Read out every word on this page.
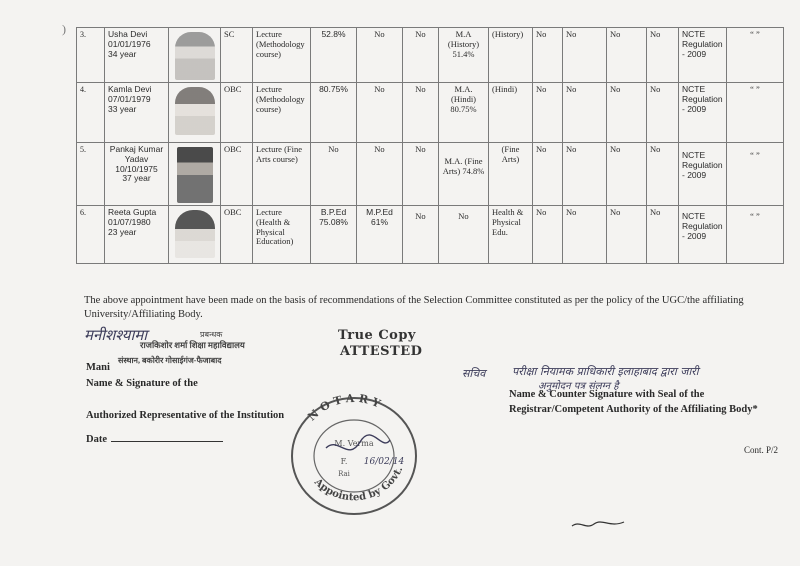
) 3.	Usha Devi
01/01/1976
34 year		SC	Lecture (Methodology course)	52.8%	No	No	M.A (History) 51.4%	(History)	No	No	No	No	NCTE Regulation - 2009	“ ”
4.	Kamla Devi
07/01/1979
33 year		OBC	Lecture (Methodology course)	80.75%	No	No	M.A. (Hindi) 80.75%	(Hindi)	No	No	No	No	NCTE Regulation - 2009	“ ”
5.	Pankaj Kumar Yadav
10/10/1975
37 year		OBC	Lecture (Fine Arts course)	No	No	No	M.A. (Fine Arts) 74.8%	(Fine Arts)	No	No	No	No	NCTE Regulation - 2009	“ ”
6.	Reeta Gupta
01/07/1980
23 year		OBC	Lecture (Health & Physical Education)	B.P.Ed 75.08%	M.P.Ed 61%	No	No	Health & Physical Edu.	No	No	No	No	NCTE Regulation - 2009	“ ”

The above appointment have been made on the basis of recommendations of the Selection Committee constituted as per the policy of the UGC/the affiliating University/Affiliating Body.

मनीशश्यामा	प्रबन्धक
राजकिशोर शर्मा शिक्षा महाविद्यालय
Mani
संस्थान, बकोरीर गोसाईगंज-फैजाबाद
Name & Signature of the
Authorized Representative of the Institution
Date
True Copy
ATTESTED
सचिव परीक्षा नियामक प्राधिकारी इलाहाबाद द्वारा जारी
अनुमोदन पत्र संलग्न है
Name & Counter Signature with Seal of the
Registrar/Competent Authority of the Affiliating Body*
NOTARY
Appointed by Govt.
M. Verma
F.
Rai
16/02/14
Cont. P/2
